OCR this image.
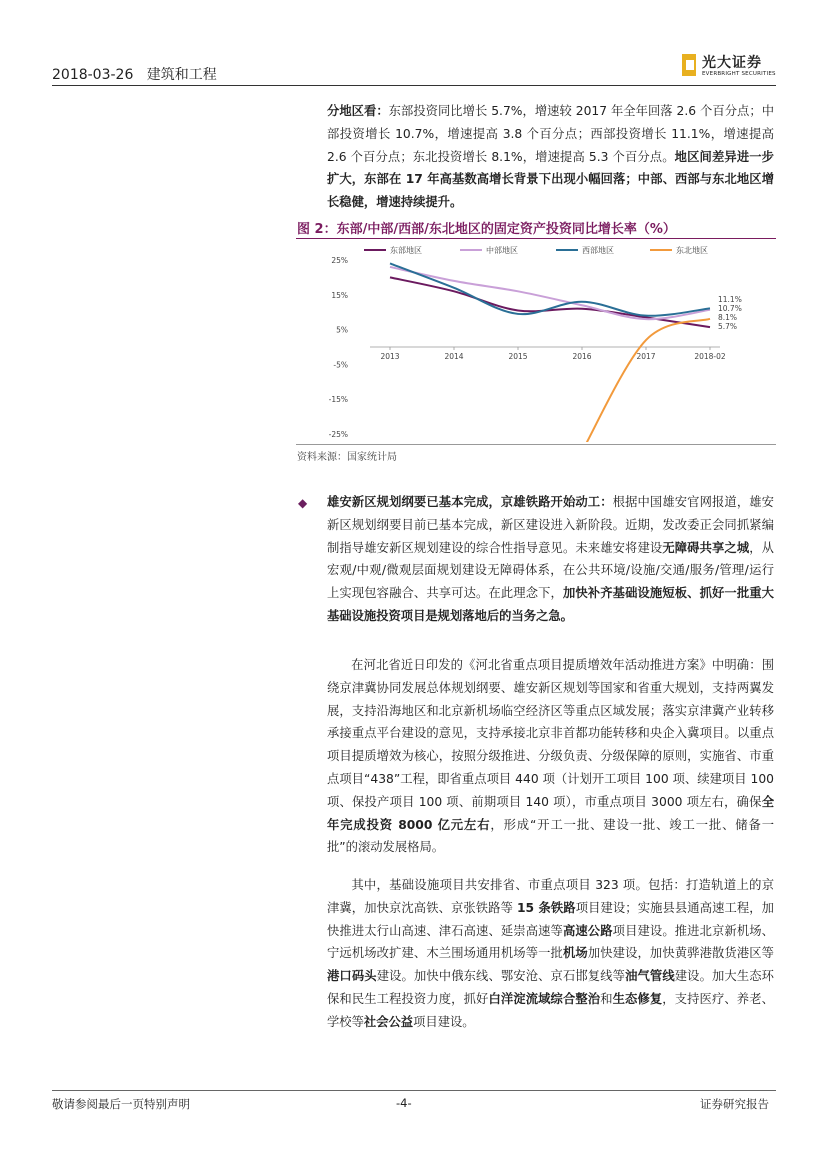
2018-03-26 建筑和工程
光大证券
EVERBRIGHT SECURITIES
分地区看：东部投资同比增长 5.7%，增速较 2017 年全年回落 2.6 个百分点；中部投资增长 10.7%，增速提高 3.8 个百分点；西部投资增长 11.1%，增速提高 2.6 个百分点；东北投资增长 8.1%，增速提高 5.3 个百分点。地区间差异进一步扩大，东部在 17 年高基数高增长背景下出现小幅回落；中部、西部与东北地区增长稳健，增速持续提升。
图 2：东部/中部/西部/东北地区的固定资产投资同比增长率（%）
东部地区	中部地区	西部地区	东北地区
25%
15%
5%
-5%
-15%
-25%
2013	2014	2015	2016	2017	2018-02
11.1%
10.7%
8.1%
5.7%
资料来源：国家统计局
◆ 雄安新区规划纲要已基本完成，京雄铁路开始动工：根据中国雄安官网报道，雄安新区规划纲要目前已基本完成，新区建设进入新阶段。近期，发改委正会同抓紧编制指导雄安新区规划建设的综合性指导意见。未来雄安将建设无障碍共享之城，从宏观/中观/微观层面规划建设无障碍体系，在公共环境/设施/交通/服务/管理/运行上实现包容融合、共享可达。在此理念下，加快补齐基础设施短板、抓好一批重大基础设施投资项目是规划落地后的当务之急。
在河北省近日印发的《河北省重点项目提质增效年活动推进方案》中明确：围绕京津冀协同发展总体规划纲要、雄安新区规划等国家和省重大规划，支持两翼发展，支持沿海地区和北京新机场临空经济区等重点区域发展；落实京津冀产业转移承接重点平台建设的意见，支持承接北京非首都功能转移和央企入冀项目。以重点项目提质增效为核心，按照分级推进、分级负责、分级保障的原则，实施省、市重点项目“438”工程，即省重点项目 440 项（计划开工项目 100 项、续建项目 100 项、保投产项目 100 项、前期项目 140 项），市重点项目 3000 项左右，确保全年完成投资 8000 亿元左右，形成“开工一批、建设一批、竣工一批、储备一批”的滚动发展格局。
其中，基础设施项目共安排省、市重点项目 323 项。包括：打造轨道上的京津冀，加快京沈高铁、京张铁路等 15 条铁路项目建设；实施县县通高速工程，加快推进太行山高速、津石高速、延崇高速等高速公路项目建设。推进北京新机场、宁远机场改扩建、木兰围场通用机场等一批机场加快建设，加快黄骅港散货港区等港口码头建设。加快中俄东线、鄂安沧、京石邯复线等油气管线建设。加大生态环保和民生工程投资力度，抓好白洋淀流域综合整治和生态修复，支持医疗、养老、学校等社会公益项目建设。
敬请参阅最后一页特别声明	-4-	证券研究报告
